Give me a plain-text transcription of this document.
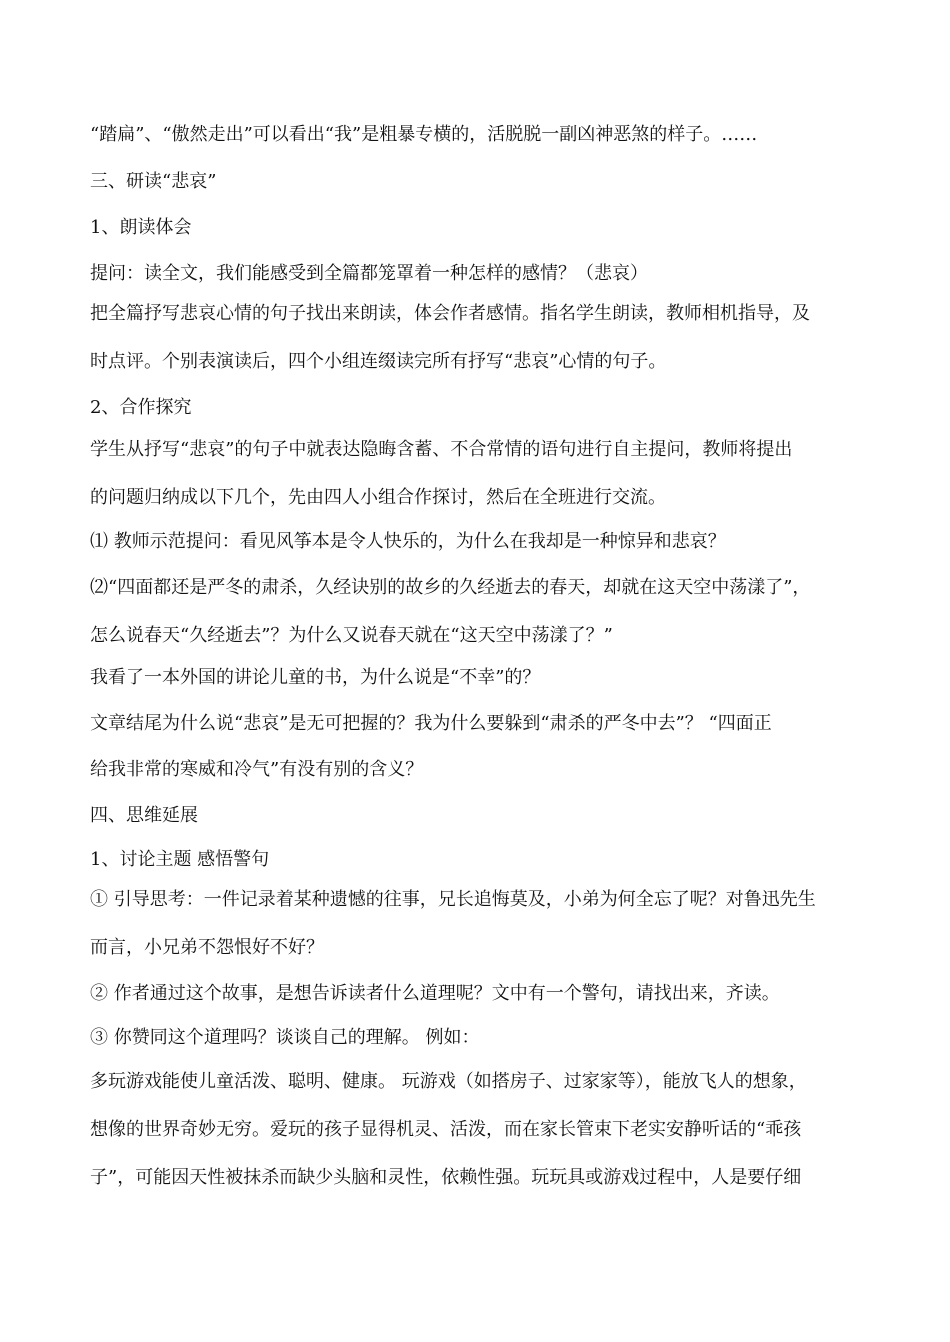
“踏扁”、“傲然走出”可以看出“我”是粗暴专横的，活脱脱一副凶神恶煞的样子。……
三、研读“悲哀”
1、朗读体会
提问：读全文，我们能感受到全篇都笼罩着一种怎样的感情？（悲哀）
把全篇抒写悲哀心情的句子找出来朗读，体会作者感情。指名学生朗读，教师相机指导，及
时点评。个别表演读后，四个小组连缀读完所有抒写“悲哀”心情的句子。
2、合作探究
学生从抒写“悲哀”的句子中就表达隐晦含蓄、不合常情的语句进行自主提问，教师将提出
的问题归纳成以下几个，先由四人小组合作探讨，然后在全班进行交流。
⑴ 教师示范提问：看见风筝本是令人快乐的，为什么在我却是一种惊异和悲哀？
⑵“四面都还是严冬的肃杀，久经诀别的故乡的久经逝去的春天，却就在这天空中荡漾了”，
怎么说春天“久经逝去”？为什么又说春天就在“这天空中荡漾了？”
我看了一本外国的讲论儿童的书，为什么说是“不幸”的？
文章结尾为什么说“悲哀”是无可把握的？我为什么要躲到“肃杀的严冬中去”？ “四面正
给我非常的寒威和冷气”有没有别的含义？
四、思维延展
1、讨论主题 感悟警句
① 引导思考：一件记录着某种遗憾的往事，兄长追悔莫及，小弟为何全忘了呢？对鲁迅先生
而言，小兄弟不怨恨好不好？
② 作者通过这个故事，是想告诉读者什么道理呢？文中有一个警句，请找出来，齐读。
③ 你赞同这个道理吗？谈谈自己的理解。 例如：
多玩游戏能使儿童活泼、聪明、健康。 玩游戏（如搭房子、过家家等），能放飞人的想象，
想像的世界奇妙无穷。爱玩的孩子显得机灵、活泼，而在家长管束下老实安静听话的“乖孩
子”，可能因天性被抹杀而缺少头脑和灵性，依赖性强。玩玩具或游戏过程中，人是要仔细
